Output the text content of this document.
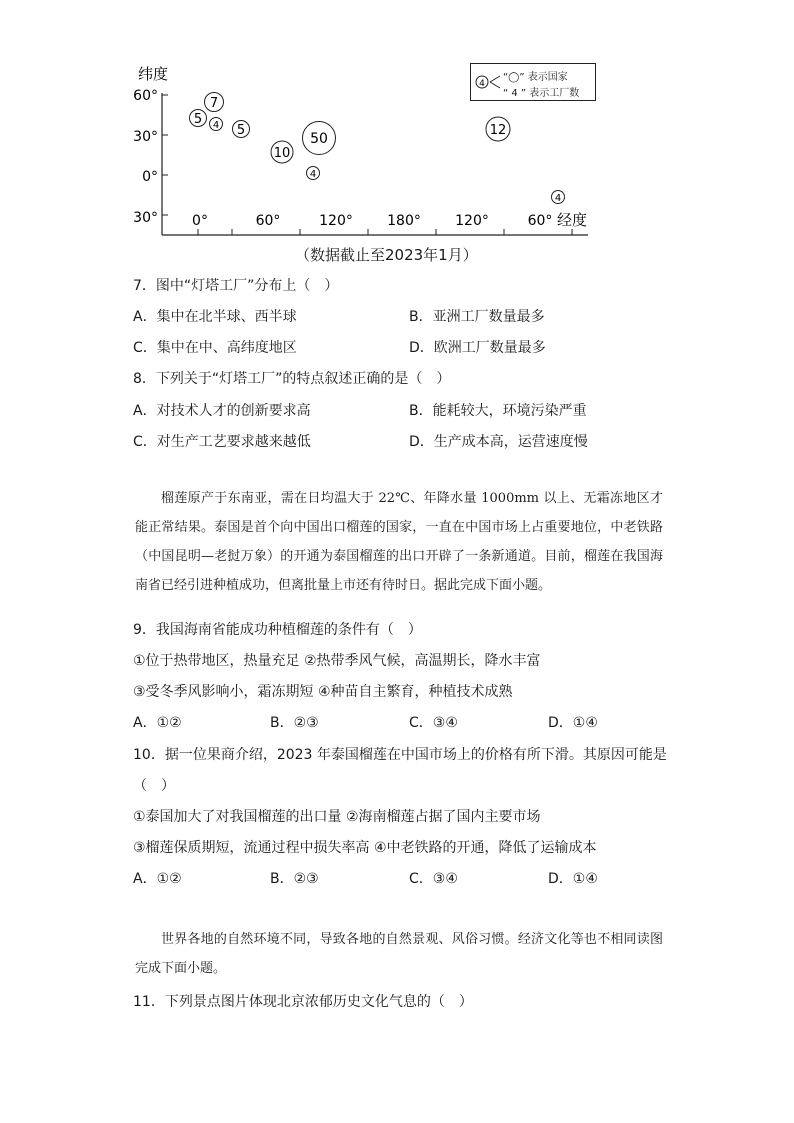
纬度
经度
60°
30°
0°
30° 0°	60°	120° 180° 120°	60°
7
5 4 5
10
50
4
12
4
4
“◯” 表示国家
“ 4 ” 表示工厂数
（数据截止至2023年1月）
7．图中“灯塔工厂”分布上（　）
A．集中在北半球、西半球	B．亚洲工厂数量最多
C．集中在中、高纬度地区	D．欧洲工厂数量最多
8．下列关于“灯塔工厂”的特点叙述正确的是（　）
A．对技术人才的创新要求高	B．能耗较大，环境污染严重
C．对生产工艺要求越来越低	D．生产成本高，运营速度慢
榴莲原产于东南亚，需在日均温大于 22℃、年降水量 1000mm 以上、无霜冻地区才能正常结果。泰国是首个向中国出口榴莲的国家，一直在中国市场上占重要地位，中老铁路（中国昆明—老挝万象）的开通为泰国榴莲的出口开辟了一条新通道。目前，榴莲在我国海南省已经引进种植成功，但离批量上市还有待时日。据此完成下面小题。
9．我国海南省能成功种植榴莲的条件有（　）
①位于热带地区，热量充足 ②热带季风气候，高温期长，降水丰富
③受冬季风影响小，霜冻期短 ④种苗自主繁育，种植技术成熟
A．①②	B．②③	C．③④	D．①④
10．据一位果商介绍，2023 年泰国榴莲在中国市场上的价格有所下滑。其原因可能是
（　）
①泰国加大了对我国榴莲的出口量 ②海南榴莲占据了国内主要市场
③榴莲保质期短，流通过程中损失率高 ④中老铁路的开通，降低了运输成本
A．①②	B．②③	C．③④	D．①④
世界各地的自然环境不同，导致各地的自然景观、风俗习惯。经济文化等也不相同读图完成下面小题。
11．下列景点图片体现北京浓郁历史文化气息的（　）
